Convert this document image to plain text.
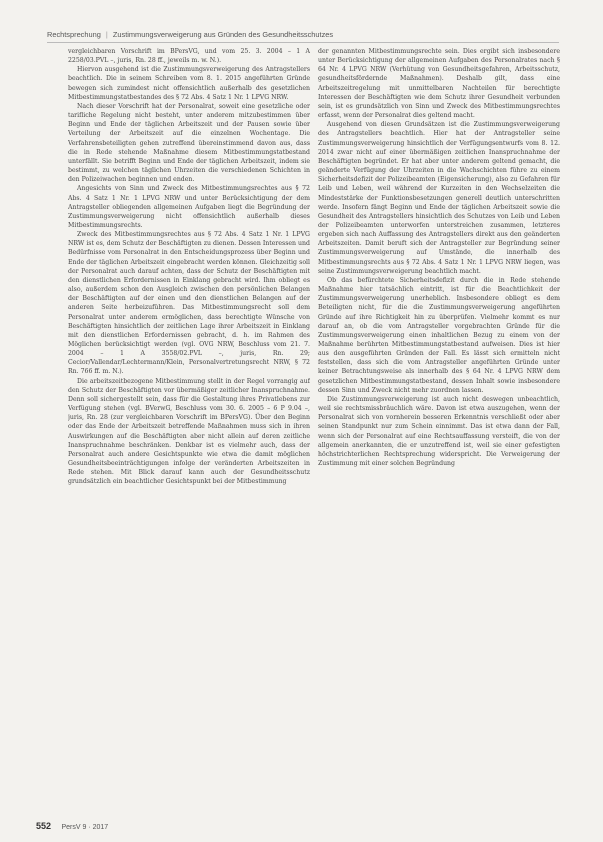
Rechtsprechung | Zustimmungsverweigerung aus Gründen des Gesundheitsschutzes

vergleichbaren Vorschrift im BPersVG, und vom 25. 3. 2004 – 1 A 2258/03.PVL –, juris, Rn. 28 ff., jeweils m. w. N.).

Hiervon ausgehend ist die Zustimmungsverweigerung des Antragstellers beachtlich. Die in seinem Schreiben vom 8. 1. 2015 angeführten Gründe bewegen sich zumindest nicht offensichtlich außerhalb des gesetzlichen Mitbestimmungstatbestandes des § 72 Abs. 4 Satz 1 Nr. 1 LPVG NRW.

Nach dieser Vorschrift hat der Personalrat, soweit eine gesetzliche oder tarifliche Regelung nicht besteht, unter anderem mitzubestimmen über Beginn und Ende der täglichen Arbeitszeit und der Pausen sowie über Verteilung der Arbeitszeit auf die einzelnen Wochentage. Die Verfahrensbeteiligten gehen zutreffend übereinstimmend davon aus, dass die in Rede stehende Maßnahme diesem Mitbestimmungstatbestand unterfällt. Sie betrifft Beginn und Ende der täglichen Arbeitszeit, indem sie bestimmt, zu welchen täglichen Uhrzeiten die verschiedenen Schichten in den Polizeiwachen beginnen und enden.

Angesichts von Sinn und Zweck des Mitbestimmungsrechtes aus § 72 Abs. 4 Satz 1 Nr. 1 LPVG NRW und unter Berücksichtigung der dem Antragsteller obliegenden allgemeinen Aufgaben liegt die Begründung der Zustimmungsverweigerung nicht offensichtlich außerhalb dieses Mitbestimmungsrechts.

Zweck des Mitbestimmungsrechtes aus § 72 Abs. 4 Satz 1 Nr. 1 LPVG NRW ist es, dem Schutz der Beschäftigten zu dienen. Dessen Interessen und Bedürfnisse vom Personalrat in den Entscheidungsprozess über Beginn und Ende der täglichen Arbeitszeit eingebracht werden können. Gleichzeitig soll der Personalrat auch darauf achten, dass der Schutz der Beschäftigten mit den dienstlichen Erfordernissen in Einklang gebracht wird. Ihm obliegt es also, außerdem schon den Ausgleich zwischen den persönlichen Belangen der Beschäftigten auf der einen und den dienstlichen Belangen auf der anderen Seite herbeizuführen. Das Mitbestimmungsrecht soll dem Personalrat unter anderem ermöglichen, dass berechtigte Wünsche von Beschäftigten hinsichtlich der zeitlichen Lage ihrer Arbeitszeit in Einklang mit den dienstlichen Erfordernissen gebracht, d. h. im Rahmen des Möglichen berücksichtigt werden (vgl. OVG NRW, Beschluss vom 21. 7. 2004 – 1 A 3558/02.PVL –, juris, Rn. 29; Cecior/Vallendar/Lechtermann/Klein, Personalvertretungsrecht NRW, § 72 Rn. 766 ff. m. N.).

Die arbeitszeitbezogene Mitbestimmung stellt in der Regel vorrangig auf den Schutz der Beschäftigten vor übermäßiger zeitlicher Inanspruchnahme. Denn soll sichergestellt sein, dass für die Gestaltung ihres Privatlebens zur Verfügung stehen (vgl. BVerwG, Beschluss vom 30. 6. 2005 – 6 P 9.04 –, juris, Rn. 28 (zur vergleichbaren Vorschrift im BPersVG). Über den Beginn oder das Ende der Arbeitszeit betreffende Maßnahmen muss sich in ihren Auswirkungen auf die Beschäftigten aber nicht allein auf deren zeitliche Inanspruchnahme beschränken. Denkbar ist es vielmehr auch, dass der Personalrat auch andere Gesichtspunkte wie etwa die damit möglichen Gesundheitsbeeinträchtigungen infolge der veränderten Arbeitszeiten in Rede stehen. Mit Blick darauf kann auch der Gesundheitsschutz grundsätzlich ein beachtlicher Gesichtspunkt bei der Mitbestimmung

der genannten Mitbestimmungsrechte sein. Dies ergibt sich insbesondere unter Berücksichtigung der allgemeinen Aufgaben des Personalrates nach § 64 Nr. 4 LPVG NRW (Verhütung von Gesundheitsgefahren, Arbeitsschutz, gesundheitsfördernde Maßnahmen). Deshalb gilt, dass eine Arbeitszeitregelung mit unmittelbaren Nachteilen für berechtigte Interessen der Beschäftigten wie dem Schutz ihrer Gesundheit verbunden sein, ist es grundsätzlich von Sinn und Zweck des Mitbestimmungsrechtes erfasst, wenn der Personalrat dies geltend macht.

Ausgehend von diesen Grundsätzen ist die Zustimmungsverweigerung des Antragstellers beachtlich. Hier hat der Antragsteller seine Zustimmungsverweigerung hinsichtlich der Verfügungsentwurfs vom 8. 12. 2014 zwar nicht auf einer übermäßigen zeitlichen Inanspruchnahme der Beschäftigten begründet. Er hat aber unter anderem geltend gemacht, die geänderte Verfügung der Uhrzeiten in die Wachschichten führe zu einem Sicherheitsdefizit der Polizeibeamten (Eigensicherung), also zu Gefahren für Leib und Leben, weil während der Kurzeiten in den Wechselzeiten die Mindeststärke der Funktionsbesetzungen generell deutlich unterschritten werde. Insofern fängt Beginn und Ende der täglichen Arbeitszeit sowie die Gesundheit des Antragstellers hinsichtlich des Schutzes von Leib und Leben der Polizeibeamten unterworfen unterstreichen zusammen, letzteres ergeben sich nach Auffassung des Antragstellers direkt aus den geänderten Arbeitszeiten. Damit beruft sich der Antragsteller zur Begründung seiner Zustimmungsverweigerung auf Umstände, die innerhalb des Mitbestimmungsrechts aus § 72 Abs. 4 Satz 1 Nr. 1 LPVG NRW liegen, was seine Zustimmungsverweigerung beachtlich macht.

Ob das befürchtete Sicherheitsdefizit durch die in Rede stehende Maßnahme hier tatsächlich eintritt, ist für die Beachtlichkeit der Zustimmungsverweigerung unerheblich. Insbesondere obliegt es dem Beteiligten nicht, für die die Zustimmungsverweigerung angeführten Gründe auf ihre Richtigkeit hin zu überprüfen. Vielmehr kommt es nur darauf an, ob die vom Antragsteller vorgebrachten Gründe für die Zustimmungsverweigerung einen inhaltlichen Bezug zu einem von der Maßnahme berührten Mitbestimmungstatbestand aufweisen. Dies ist hier aus den ausgeführten Gründen der Fall. Es lässt sich ermitteln nicht feststellen, dass sich die vom Antragsteller angeführten Gründe unter keiner Betrachtungsweise als innerhalb des § 64 Nr. 4 LPVG NRW dem gesetzlichen Mitbestimmungstatbestand, dessen Inhalt sowie insbesondere dessen Sinn und Zweck nicht mehr zuordnen lassen.

Die Zustimmungsverweigerung ist auch nicht deswegen unbeachtlich, weil sie rechtsmissbräuchlich wäre. Davon ist etwa auszugehen, wenn der Personalrat sich von vornherein besseren Erkenntnis verschließt oder aber seinen Standpunkt nur zum Schein einnimmt. Das ist etwa dann der Fall, wenn sich der Personalrat auf eine Rechtsauffassung versteift, die von der allgemein anerkannten, die er unzutreffend ist, weil sie einer gefestigten höchstrichterlichen Rechtsprechung widerspricht. Die Verweigerung der Zustimmung mit einer solchen Begründung

552 PersV 9 · 2017
